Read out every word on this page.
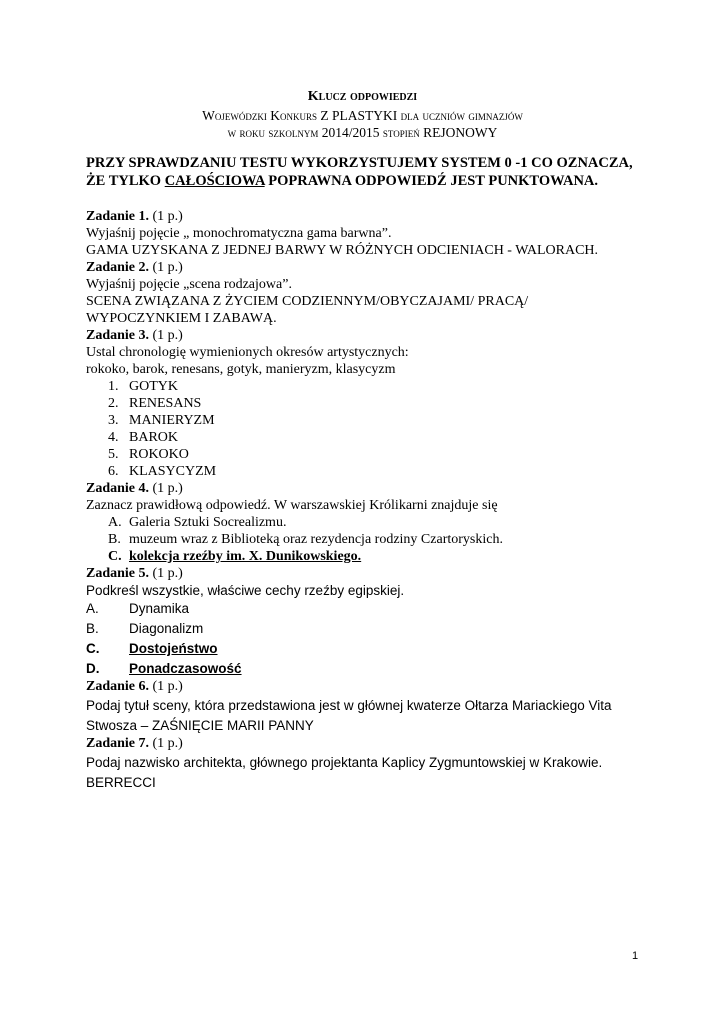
Klucz odpowiedzi
Wojewódzki Konkurs Z PLASTYKI dla uczniów gimnazjów
w roku szkolnym 2014/2015 stopień REJONOWY
PRZY SPRAWDZANIU TESTU WYKORZYSTUJEMY SYSTEM 0 -1 CO OZNACZA,
ŻE TYLKO CAŁOŚCIOWA POPRAWNA ODPOWIEDŹ JEST PUNKTOWANA.
Zadanie 1. (1 p.)
Wyjaśnij pojęcie „ monochromatyczna gama barwna”.
GAMA UZYSKANA Z JEDNEJ BARWY W RÓŻNYCH ODCIENIACH - WALORACH.
Zadanie 2. (1 p.)
Wyjaśnij pojęcie „scena rodzajowa”.
SCENA ZWIĄZANA Z ŻYCIEM CODZIENNYM/OBYCZAJAMI/ PRACĄ/
WYPOCZYNKIEM I ZABAWĄ.
Zadanie 3. (1 p.)
Ustal chronologię wymienionych okresów artystycznych:
rokoko, barok, renesans, gotyk, manieryzm, klasycyzm
1. GOTYK
2. RENESANS
3. MANIERYZM
4. BAROK
5. ROKOKO
6. KLASYCYZM
Zadanie 4. (1 p.)
Zaznacz prawidłową odpowiedź. W warszawskiej Królikarni znajduje się
A. Galeria Sztuki Socrealizmu.
B. muzeum wraz z Biblioteką oraz rezydencja rodziny Czartoryskich.
C. kolekcja rzeźby im. X. Dunikowskiego.
Zadanie 5. (1 p.)
Podkreśl wszystkie, właściwe cechy rzeźby egipskiej.
A. Dynamika
B. Diagonalizm
C. Dostojeństwo
D. Ponadczasowość
Zadanie 6. (1 p.)
Podaj tytuł sceny, która przedstawiona jest w głównej kwaterze Ołtarza Mariackiego Vita
Stwosza – ZAŚNIĘCIE MARII PANNY
Zadanie 7. (1 p.)
Podaj nazwisko architekta, głównego projektanta Kaplicy Zygmuntowskiej w Krakowie.
BERRECCI
1
